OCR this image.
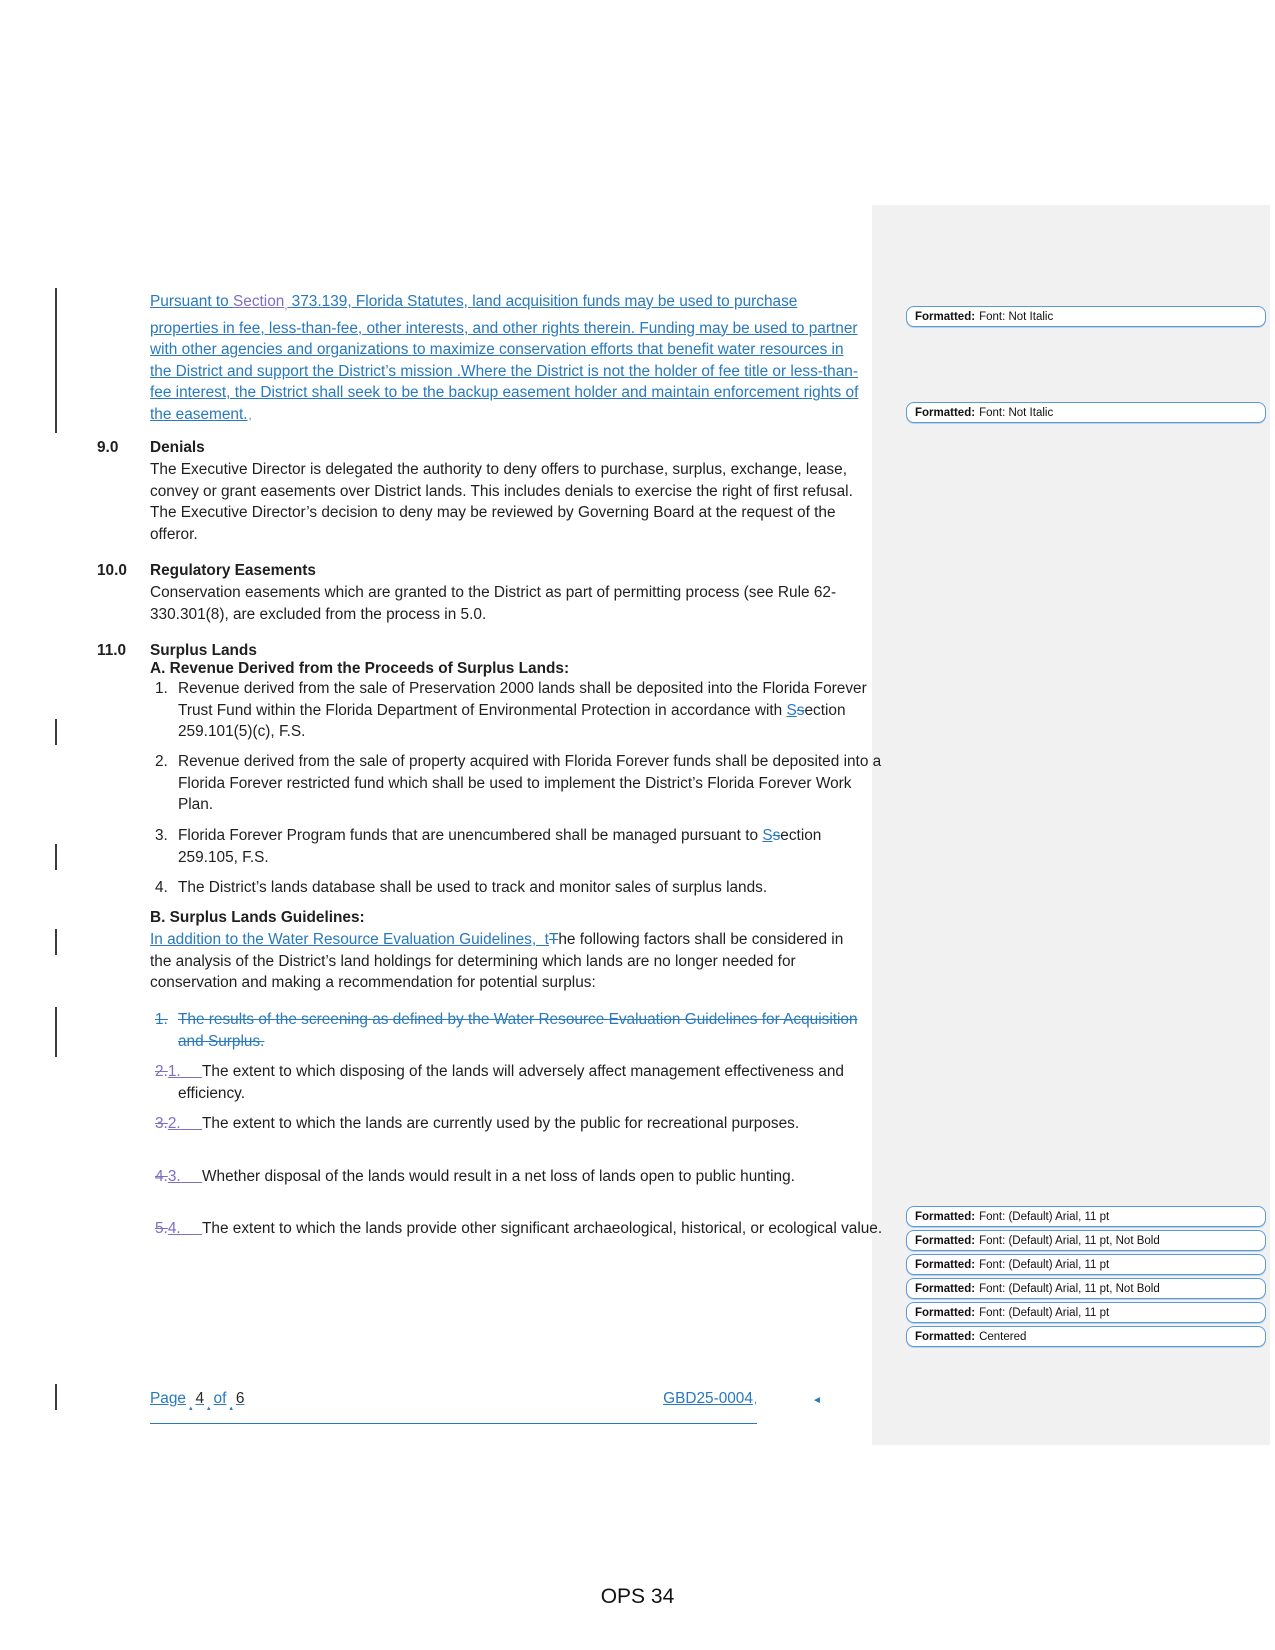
Pursuant to Section, 373.139, Florida Statutes, land acquisition funds may be used to purchase properties in fee, less-than-fee, other interests, and other rights therein. Funding may be used to partner with other agencies and organizations to maximize conservation efforts that benefit water resources in the District and support the District’s mission .Where the District is not the holder of fee title or less-than-fee interest, the District shall seek to be the backup easement holder and maintain enforcement rights of the easement.,
9.0	Denials
The Executive Director is delegated the authority to deny offers to purchase, surplus, exchange, lease, convey or grant easements over District lands. This includes denials to exercise the right of first refusal. The Executive Director’s decision to deny may be reviewed by Governing Board at the request of the offeror.
10.0	Regulatory Easements
Conservation easements which are granted to the District as part of permitting process (see Rule 62-330.301(8), are excluded from the process in 5.0.
11.0	Surplus Lands
A. Revenue Derived from the Proceeds of Surplus Lands:
1. Revenue derived from the sale of Preservation 2000 lands shall be deposited into the Florida Forever Trust Fund within the Florida Department of Environmental Protection in accordance with Ssection 259.101(5)(c), F.S.
2. Revenue derived from the sale of property acquired with Florida Forever funds shall be deposited into a Florida Forever restricted fund which shall be used to implement the District’s Florida Forever Work Plan.
3. Florida Forever Program funds that are unencumbered shall be managed pursuant to Ssection 259.105, F.S.
4. The District’s lands database shall be used to track and monitor sales of surplus lands.
B. Surplus Lands Guidelines:
In addition to the Water Resource Evaluation Guidelines,  tThe following factors shall be considered in the analysis of the District’s land holdings for determining which lands are no longer needed for conservation and making a recommendation for potential surplus:
1. The results of the screening as defined by the Water Resource Evaluation Guidelines for Acquisition and Surplus.
2.1.	The extent to which disposing of the lands will adversely affect management effectiveness and efficiency.
3.2.	The extent to which the lands are currently used by the public for recreational purposes.
4.3.	Whether disposal of the lands would result in a net loss of lands open to public hunting.
5.4.	The extent to which the lands provide other significant archaeological, historical, or ecological value.
Formatted: Font: Not Italic
Formatted: Font: Not Italic
Formatted: Font: (Default) Arial, 11 pt
Formatted: Font: (Default) Arial, 11 pt, Not Bold
Formatted: Font: (Default) Arial, 11 pt
Formatted: Font: (Default) Arial, 11 pt, Not Bold
Formatted: Font: (Default) Arial, 11 pt
Formatted: Centered
$Page_▴4_▴of_▴6$	GBD25-0004,	◄
OPS 34
